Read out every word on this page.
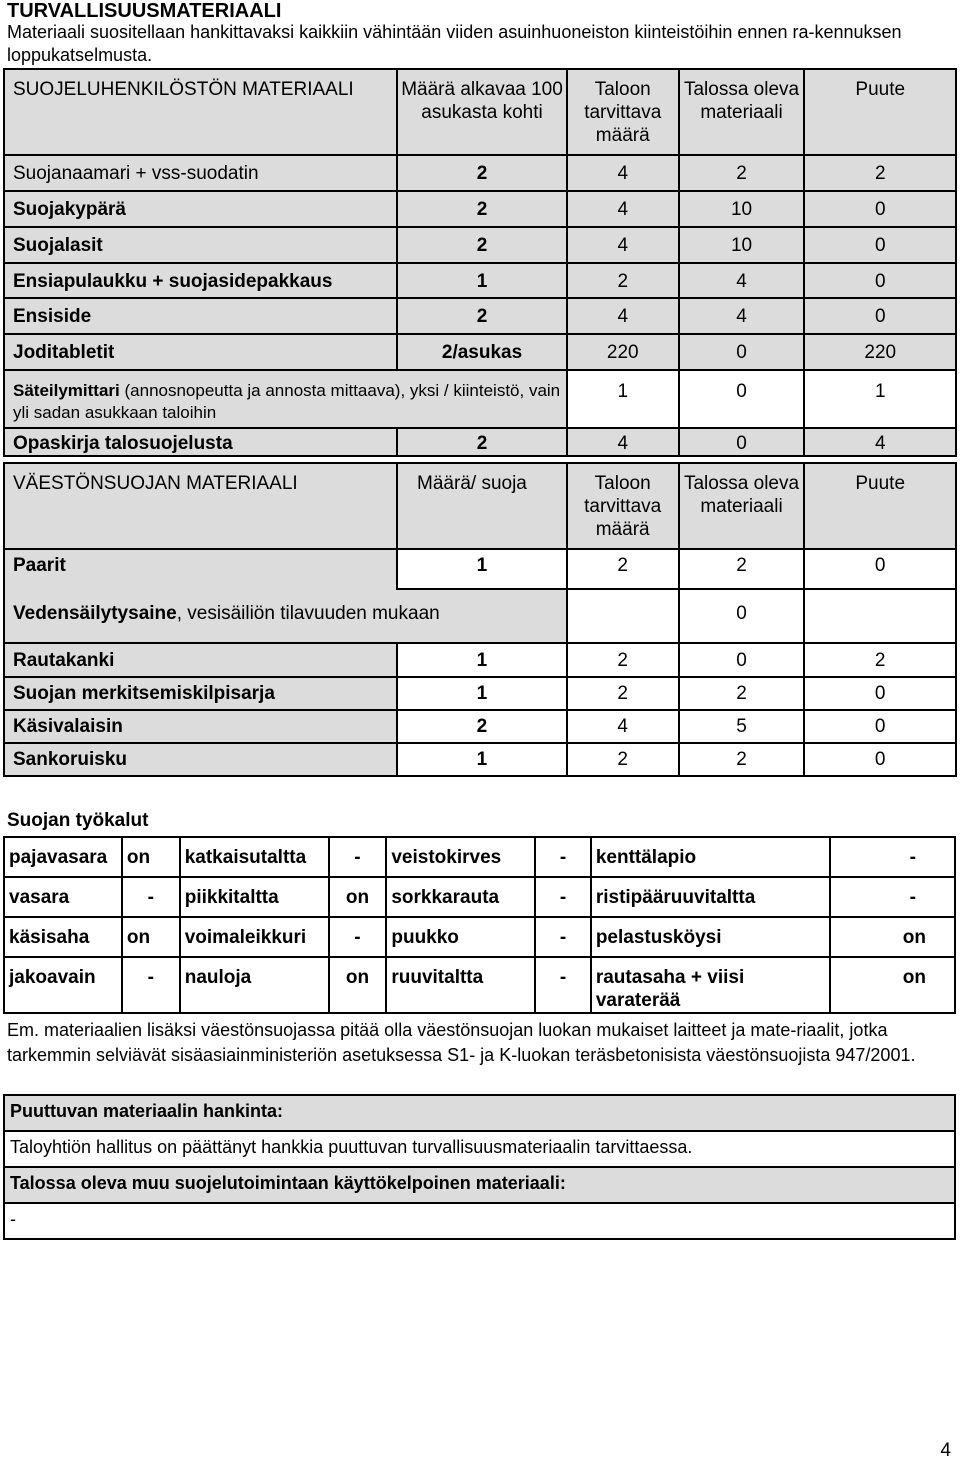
TURVALLISUUSMATERIAALI
Materiaali suositellaan hankittavaksi kaikkiin vähintään viiden asuinhuoneiston kiinteistöihin ennen ra-kennuksen loppukatselmusta.
SUOJELUHENKILÖSTÖN MATERIAALI	Määrä alkavaa 100 asukasta kohti	Taloon tarvittava määrä	Talossa oleva materiaali	Puute
Suojanaamari + vss-suodatin	2	4	2	2
Suojakypärä	2	4	10	0
Suojalasit	2	4	10	0
Ensiapulaukku + suojasidepakkaus	1	2	4	0
Ensiside	2	4	4	0
Joditabletit	2/asukas	220	0	220
Säteilymittari (annosnopeutta ja annosta mittaava), yksi / kiinteistö, vain yli sadan asukkaan taloihin		1	0	1
Opaskirja talosuojelusta	2	4	0	4
VÄESTÖNSUOJAN MATERIAALI	Määrä/ suoja	Taloon tarvittava määrä	Talossa oleva materiaali	Puute
Paarit	1	2	2	0
Vedensäilytysaine, vesisäiliön tilavuuden mukaan			0	
Rautakanki	1	2	0	2
Suojan merkitsemiskilpisarja	1	2	2	0
Käsivalaisin	2	4	5	0
Sankoruisku	1	2	2	0
Suojan työkalut
pajavasara	on	katkaisutaltta	-	veistokirves	-	kenttälapio	-
vasara	-	piikkitaltta	on	sorkkarauta	-	ristipääruuvitaltta	-
käsisaha	on	voimaleikkuri	-	puukko	-	pelastusköysi	on
jakoavain	-	nauloja	on	ruuvitaltta	-	rautasaha + viisi varaterää	on
Em. materiaalien lisäksi väestönsuojassa pitää olla väestönsuojan luokan mukaiset laitteet ja mate-riaalit, jotka tarkemmin selviävät sisäasiainministeriön asetuksessa S1- ja K-luokan teräsbetonisista väestönsuojista 947/2001.
Puuttuvan materiaalin hankinta:
Taloyhtiön hallitus on päättänyt hankkia puuttuvan turvallisuusmateriaalin tarvittaessa.
Talossa oleva muu suojelutoimintaan käyttökelpoinen materiaali:
-
4
